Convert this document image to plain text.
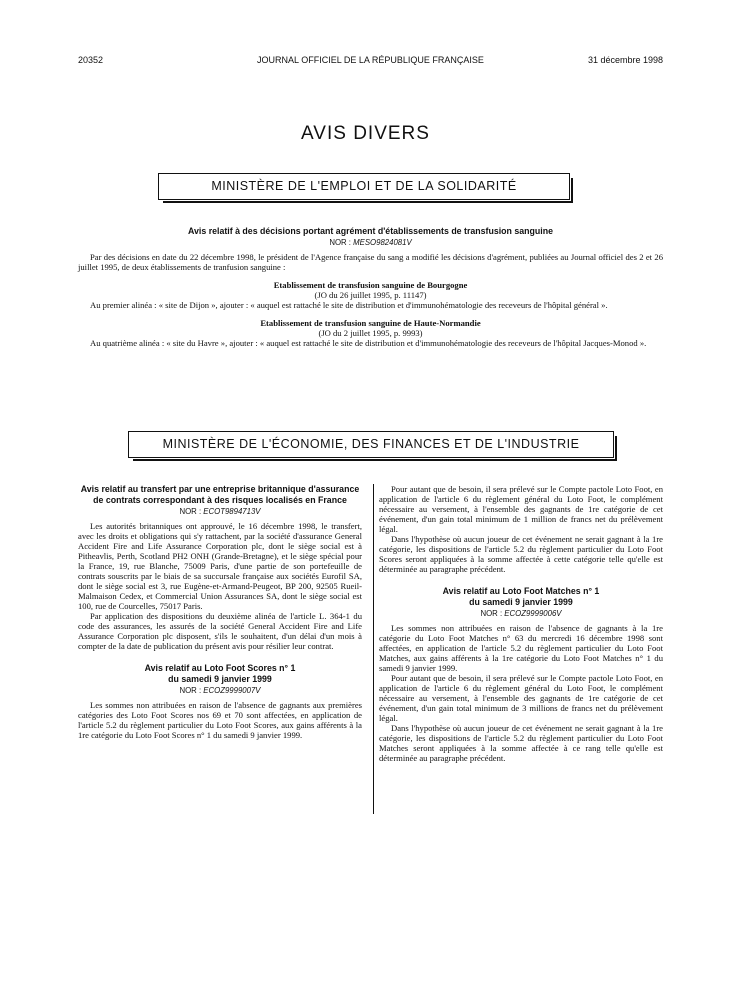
20352	JOURNAL OFFICIEL DE LA RÉPUBLIQUE FRANÇAISE	31 décembre 1998
AVIS DIVERS
MINISTÈRE DE L'EMPLOI ET DE LA SOLIDARITÉ
Avis relatif à des décisions portant agrément d'établissements de transfusion sanguine
NOR : MESO9824081V

Par des décisions en date du 22 décembre 1998, le président de l'Agence française du sang a modifié les décisions d'agrément, publiées au Journal officiel des 2 et 26 juillet 1995, de deux établissements de tranfusion sanguine :

Etablissement de transfusion sanguine de Bourgogne
(JO du 26 juillet 1995, p. 11147)

Au premier alinéa : « site de Dijon », ajouter : « auquel est rattaché le site de distribution et d'immunohématologie des receveurs de l'hôpital général ».

Etablissement de transfusion sanguine de Haute-Normandie
(JO du 2 juillet 1995, p. 9993)

Au quatrième alinéa : « site du Havre », ajouter : « auquel est rattaché le site de distribution et d'immunohématologie des receveurs de l'hôpital Jacques-Monod ».

MINISTÈRE DE L'ÉCONOMIE, DES FINANCES ET DE L'INDUSTRIE
Avis relatif au transfert par une entreprise britannique d'assurance de contrats correspondant à des risques localisés en France
NOR : ECOT9894713V

Les autorités britanniques ont approuvé, le 16 décembre 1998, le transfert, avec les droits et obligations qui s'y rattachent, par la société d'assurance General Accident Fire and Life Assurance Corporation plc, dont le siège social est à Pitheavlis, Perth, Scotland PH2 ONH (Grande-Bretagne), et le siège spécial pour la France, 19, rue Blanche, 75009 Paris, d'une partie de son portefeuille de contrats souscrits par le biais de sa succursale française aux sociétés Eurofil SA, dont le siège social est 3, rue Eugène-et-Armand-Peugeot, BP 200, 92505 Rueil-Malmaison Cedex, et Commercial Union Assurances SA, dont le siège social est 100, rue de Courcelles, 75017 Paris.

Par application des dispositions du deuxième alinéa de l'article L. 364-1 du code des assurances, les assurés de la société General Accident Fire and Life Assurance Corporation plc disposent, s'ils le souhaitent, d'un délai d'un mois à compter de la date de publication du présent avis pour résilier leur contrat.

Avis relatif au Loto Foot Scores n° 1
du samedi 9 janvier 1999
NOR : ECOZ9999007V

Les sommes non attribuées en raison de l'absence de gagnants aux premières catégories des Loto Foot Scores nos 69 et 70 sont affectées, en application de l'article 5.2 du règlement particulier du Loto Foot Scores, aux gains afférents à la 1re catégorie du Loto Foot Scores n° 1 du samedi 9 janvier 1999.

Pour autant que de besoin, il sera prélevé sur le Compte pactole Loto Foot, en application de l'article 6 du règlement général du Loto Foot, le complément nécessaire au versement, à l'ensemble des gagnants de 1re catégorie de cet événement, d'un gain total minimum de 1 million de francs net du prélèvement légal.

Dans l'hypothèse où aucun joueur de cet événement ne serait gagnant à la 1re catégorie, les dispositions de l'article 5.2 du règlement particulier du Loto Foot Scores seront appliquées à la somme affectée à cette catégorie telle qu'elle est déterminée au paragraphe précédent.

Avis relatif au Loto Foot Matches n° 1
du samedi 9 janvier 1999
NOR : ECOZ9999006V

Les sommes non attribuées en raison de l'absence de gagnants à la 1re catégorie du Loto Foot Matches n° 63 du mercredi 16 décembre 1998 sont affectées, en application de l'article 5.2 du règlement particulier du Loto Foot Matches, aux gains afférents à la 1re catégorie du Loto Foot Matches n° 1 du samedi 9 janvier 1999.

Pour autant que de besoin, il sera prélevé sur le Compte pactole Loto Foot, en application de l'article 6 du règlement général du Loto Foot, le complément nécessaire au versement, à l'ensemble des gagnants de 1re catégorie de cet événement, d'un gain total minimum de 3 millions de francs net du prélèvement légal.

Dans l'hypothèse où aucun joueur de cet événement ne serait gagnant à la 1re catégorie, les dispositions de l'article 5.2 du règlement particulier du Loto Foot Matches seront appliquées à la somme affectée à ce rang telle qu'elle est déterminée au paragraphe précédent.
